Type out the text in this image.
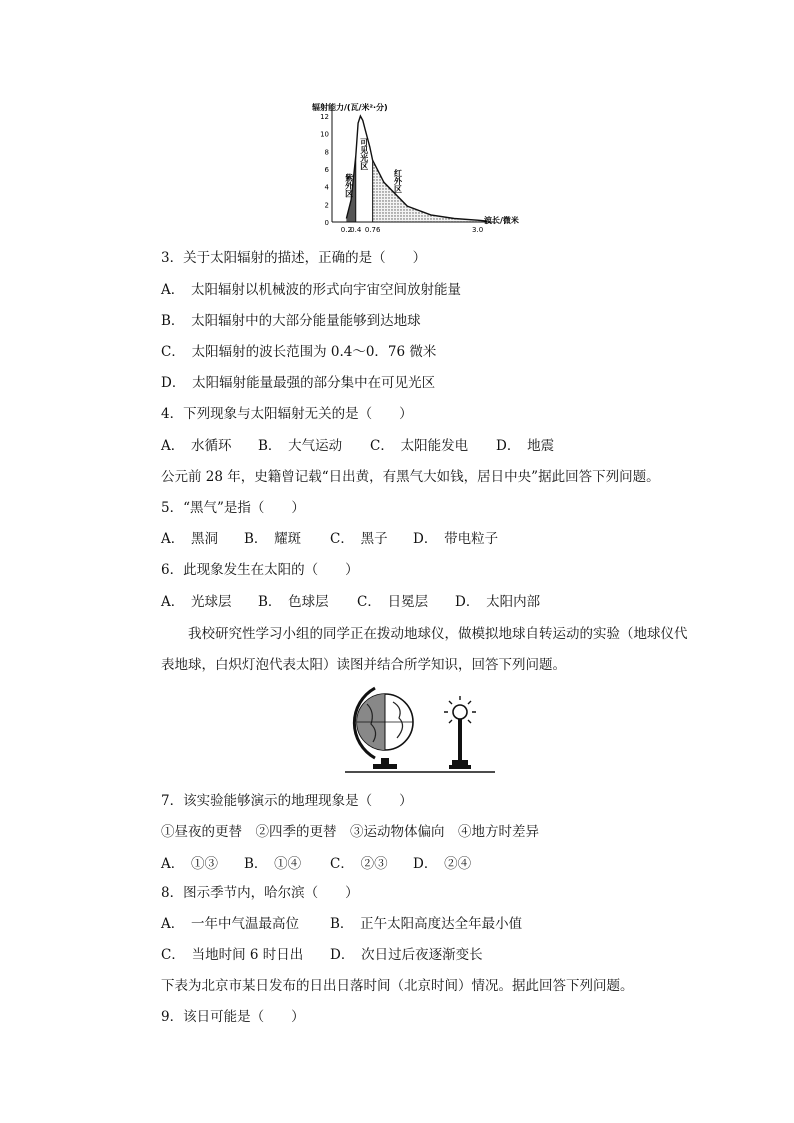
辐射能力/(瓦/米²·分)
12
10
8
6
4
2
0
0.2
0.4 0.76	3.0
紫外区
可见光区
红外区
波长/微米
3．关于太阳辐射的描述，正确的是（　　）
A．　太阳辐射以机械波的形式向宇宙空间放射能量
B．　太阳辐射中的大部分能量能够到达地球
C．　太阳辐射的波长范围为 0.4～0．76 微米
D．　太阳辐射能量最强的部分集中在可见光区
4．下列现象与太阳辐射无关的是（　　）
A．　水循环 B．　大气运动 C．　太阳能发电 D．　地震
公元前 28 年，史籍曾记载“日出黄，有黑气大如钱，居日中央”据此回答下列问题。
5．“黑气”是指（　　）
A．　黑洞 B．　耀斑 C．　黑子 D．　带电粒子
6．此现象发生在太阳的（　　）
A．　光球层 B．　色球层 C．　日冕层 D．　太阳内部
我校研究性学习小组的同学正在拨动地球仪，做模拟地球自转运动的实验（地球仪代
表地球，白炽灯泡代表太阳）读图并结合所学知识，回答下列问题。
7．该实验能够演示的地理现象是（　　）
①昼夜的更替　②四季的更替　③运动物体偏向　④地方时差异
A．　①③ B．　①④ C．　②③ D．　②④
8．图示季节内，哈尔滨（　　）
A．　一年中气温最高位 B．　正午太阳高度达全年最小值
C．　当地时间 6 时日出 D．　次日过后夜逐渐变长
下表为北京市某日发布的日出日落时间（北京时间）情况。据此回答下列问题。
9．该日可能是（　　）
